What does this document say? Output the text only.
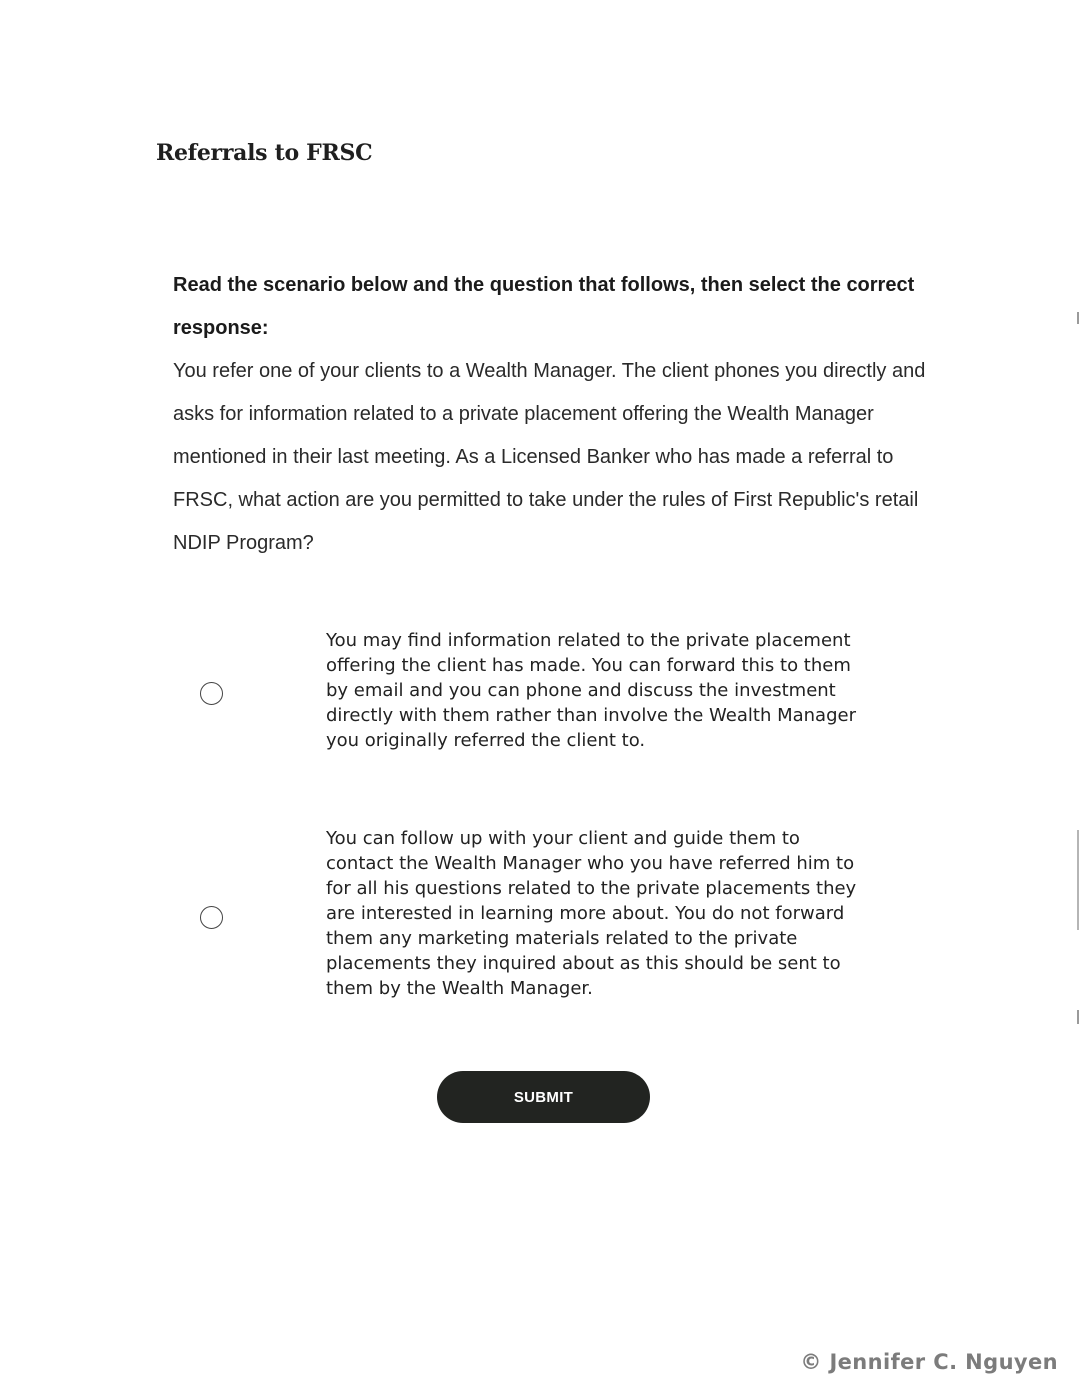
Referrals to FRSC

Read the scenario below and the question that follows, then select the correct response:

You refer one of your clients to a Wealth Manager. The client phones you directly and asks for information related to a private placement offering the Wealth Manager mentioned in their last meeting. As a Licensed Banker who has made a referral to FRSC, what action are you permitted to take under the rules of First Republic's retail NDIP Program?

You may find information related to the private placement offering the client has made. You can forward this to them by email and you can phone and discuss the investment directly with them rather than involve the Wealth Manager you originally referred the client to.

You can follow up with your client and guide them to contact the Wealth Manager who you have referred him to for all his questions related to the private placements they are interested in learning more about. You do not forward them any marketing materials related to the private placements they inquired about as this should be sent to them by the Wealth Manager.

SUBMIT
© Jennifer C. Nguyen
